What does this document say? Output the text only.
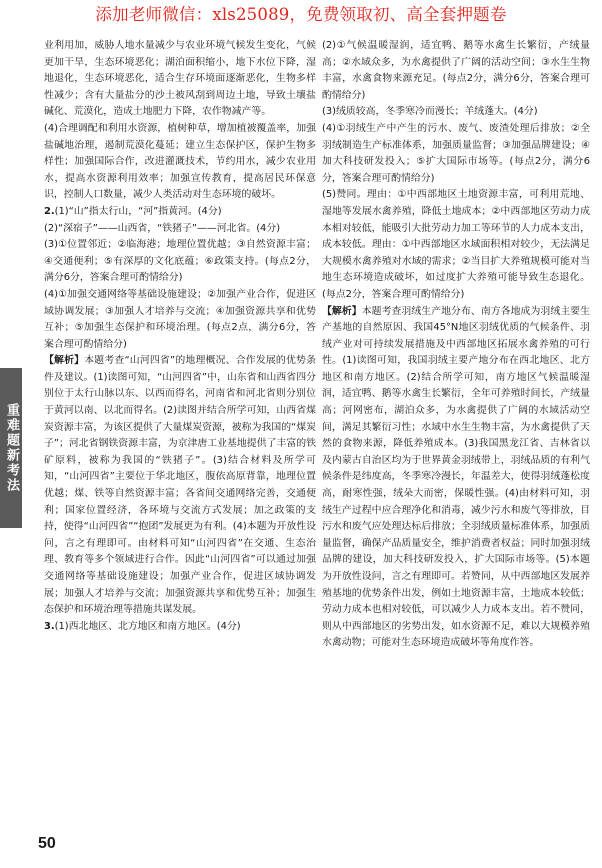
添加老师微信：xls25089，免费领取初、高全套押题卷
重难题新考法

业利用加，威胁人地水量减少与农业环境气候发生变化，气候更加干旱，生态环境恶化；湖泊面积缩小，地下水位下降，湿地退化，生态环境恶化，适合生存环境面逐渐恶化，生物多样性减少；含有大量盐分的沙土被风刮到周边土地，导致土壤盐碱化、荒漠化，造成土地肥力下降，农作物减产等。

(4)合理调配和利用水资源，植树种草，增加植被覆盖率，加强盐碱地治理，遏制荒漠化蔓延；建立生态保护区，保护生物多样性；加强国际合作，改进灌溉技术，节约用水，减少农业用水，提高水资源利用效率；加强宣传教育，提高居民环保意识，控制人口数量，减少人类活动对生态环境的破坏。

2.(1)“山”指太行山，“河”指黄河。(4分)

(2)“深宿子”——山西省，“铁猪子”——河北省。(4分)

(3)①位置邻近；②临海港；地理位置优越；③自然资源丰富；④交通便利；⑤有深厚的文化底蕴；⑥政策支持。(每点2分，满分6分，答案合理可酌情给分)

(4)①加强交通网络等基础设施建设；②加强产业合作，促进区域协调发展；③加强人才培养与交流；④加强资源共享和优势互补；⑤加强生态保护和环境治理。(每点2点，满分6分，答案合理可酌情给分)

【解析】本题考查“山河四省”的地理概况、合作发展的优势条件及建议。(1)读图可知，“山河四省”中，山东省和山西省四分别位于太行山脉以东、以西而得名，河南省和河北省则分别位于黄河以南、以北而得名。(2)读图并结合所学可知，山西省煤炭资源丰富，为该区提供了大量煤炭资源，被称为我国的“煤炭子”；河北省钢铁资源丰富，为京津唐工业基地提供了丰富的铁矿原料，被称为我国的“铁猪子”。(3)结合材料及所学可知，“山河四省”主要位于华北地区，腹依高原背靠，地理位置优越；煤、铁等自然资源丰富；各省间交通网络完善，交通便利；国家位置经济，各环境与交流方式发展；加之政策的支持，使得“山河四省”“抱团”发展更为有利。(4)本题为开放性设问，言之有理即可。由材料可知“山河四省”在交通、生态治理、教育等多个领域进行合作。因此“山河四省”可以通过加强交通网络等基础设施建设；加强产业合作，促进区域协调发展；加强人才培养与交流；加强资源共享和优势互补；加强生态保护和环境治理等措施共谋发展。

3.(1)西北地区、北方地区和南方地区。(4分)

(2)①气候温暖湿润，适宜鸭、鹅等水禽生长繁衍，产绒量高；②水域众多，为水禽提供了广阔的活动空间；③水生生物丰富，水禽食物来源充足。(每点2分，满分6分，答案合理可酌情给分)

(3)绒质较高，冬季寒冷而漫长；羊绒蓬大。(4分)

(4)①羽绒生产中产生的污水、废气、废渣处理后排放；②全羽绒制造生产标准体系，加强质量监督；③加强品牌建设；④加大科技研发投入；⑤扩大国际市场等。(每点2分，满分6分，答案合理可酌情给分)

(5)赞同。理由：①中西部地区土地资源丰富，可利用荒地、湿地等发展水禽养殖，降低土地成本；②中西部地区劳动力成本相对较低，能吸引大批劳动力加工等环节的人力成本支出，成本较低。理由：①中西部地区水域面积相对较少，无法满足大规模水禽养殖对水域的需求；②当目扩大养殖规模可能对当地生态环境造成破坏，如过度扩大养殖可能导致生态退化。(每点2分，答案合理可酌情给分)

【解析】本题考查羽绒生产地分布、南方各地成为羽绒主要生产基地的自然原因、我国45°N地区羽绒优质的气候条件、羽绒产业对可持续发展措施及中西部地区拓展水禽养殖的可行性。(1)读图可知，我国羽绒主要产地分布在西北地区、北方地区和南方地区。(2)结合所学可知，南方地区气候温暖湿润，适宜鸭、鹅等水禽生长繁衍，全年可养殖时间长，产绒量高；河网密布，湖泊众多，为水禽提供了广阔的水域活动空间，满足其繁衍习性；水域中水生生物丰富，为水禽提供了天然的食物来源，降低养殖成本。(3)我国黑龙江省、吉林省以及内蒙古自治区均为于世界黄金羽绒带上，羽绒品质的有利气候条件是纬度高，冬季寒冷漫长，年温差大，使得羽绒蓬松度高，耐寒性强，绒朵大而密，保暖性强。(4)由材料可知，羽绒生产过程中应合理净化和消毒，减少污水和废气等排放，目污水和废气应处理达标后排放；全羽绒质量标准体系，加强质量监督，确保产品质量安全，维护消费者权益；同时加强羽绒品牌的建设，加大科技研发投入，扩大国际市场等。(5)本题为开放性设问，言之有理即可。若赞同，从中西部地区发展养殖基地的优势条件出发，例如土地资源丰富，土地成本较低；劳动力成本也相对较低，可以减少人力成本支出。若不赞同，则从中西部地区的劣势出发，如水资源不足，难以大规模养殖水禽动物；可能对生态环境造成破坏等角度作答。

50
